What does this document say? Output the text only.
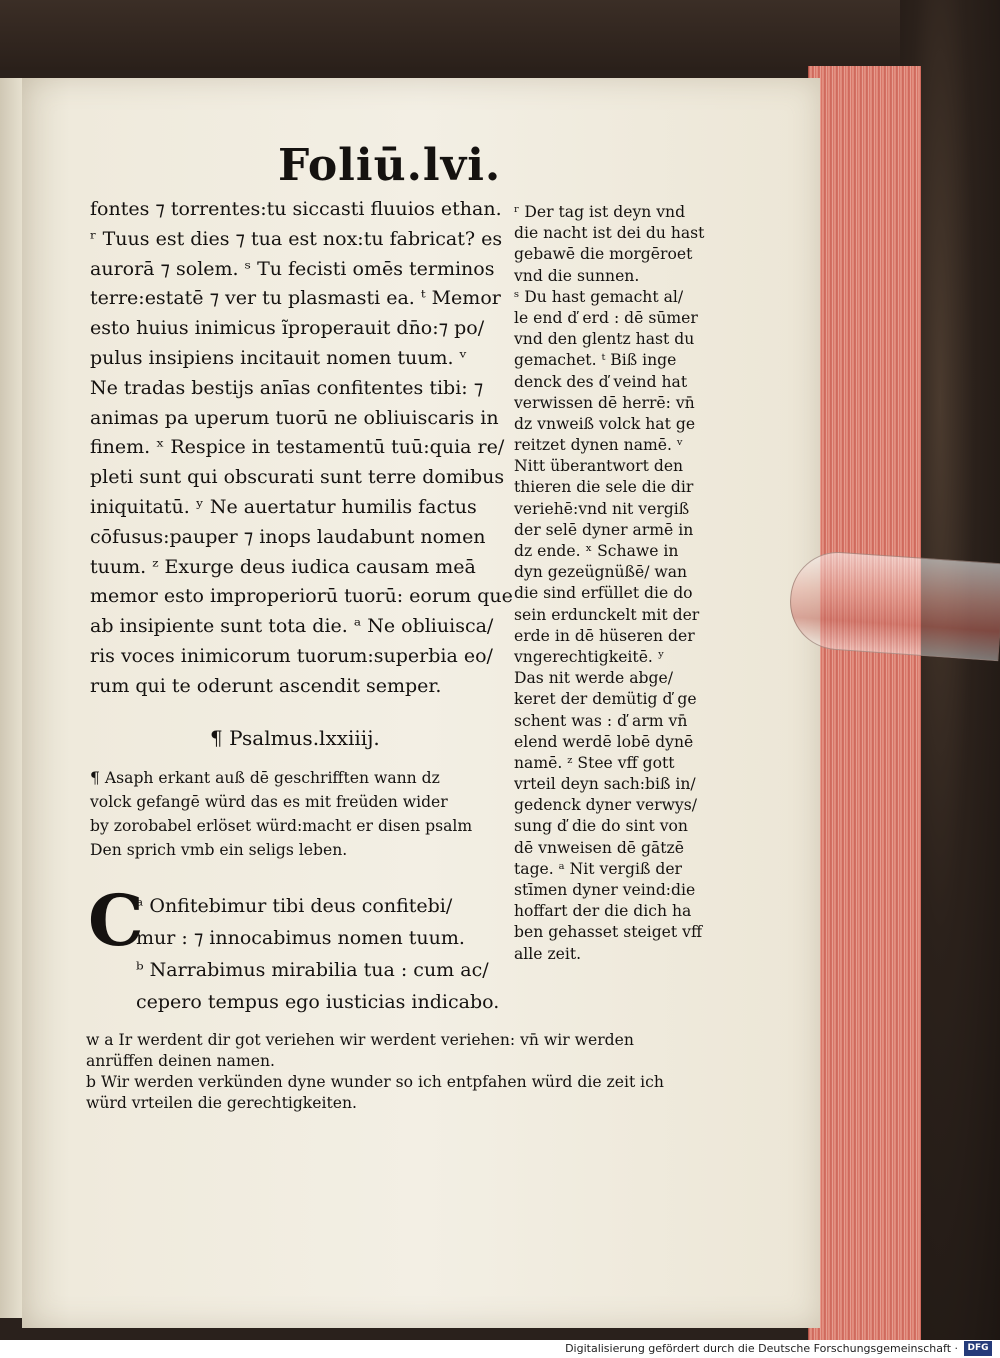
Foliū.lvi.
fontes ⁊ torrentes:tu siccasti fluuios ethan.
ʳ Tuus est dies ⁊ tua est nox:tu fabricat? es
aurorā ⁊ solem. ˢ Tu fecisti omēs terminos
terre:estatē ⁊ ver tu plasmasti ea. ᵗ Memor
esto huius inimicus ĩproperauit dn̄o:⁊ po/
pulus insipiens incitauit nomen tuum. ᵛ
Ne tradas bestijs anīas confitentes tibi: ⁊
animas pa uperum tuorū ne obliuiscaris in
finem. ˣ Respice in testamentū tuū:quia re/
pleti sunt qui obscurati sunt terre domibus
iniquitatū. ʸ Ne auertatur humilis factus
cōfusus:pauper ⁊ inops laudabunt nomen
tuum. ᶻ Exurge deus iudica causam meā
memor esto improperiorū tuorū: eorum que
ab insipiente sunt tota die. ᵃ Ne obliuisca/
ris voces inimicorum tuorum:superbia eo/
rum qui te oderunt ascendit semper.
ʳ Der tag ist deyn vnd
die nacht ist dei du hast
gebawē die morgēroet
vnd die sunnen.
ˢ Du hast gemacht al/
le end ď erd : dē sūmer
vnd den glentz hast du
gemachet. ᵗ Biß inge
denck des ď veind hat
verwissen dē herrē: vn̄
dz vnweiß volck hat ge
reitzet dynen namē. ᵛ
Nitt überantwort den
thieren die sele die dir
veriehē:vnd nit vergiß
der selē dyner armē in
dz ende. ˣ Schawe in
dyn gezeügnüßē/ wan
die sind erfüllet die do
sein erdunckelt mit der
erde in dē hüseren der
vngerechtigkeitē. ʸ
Das nit werde abge/
keret der demütig ď ge
schent was : ď arm vn̄
elend werdē lobē dynē
namē. ᶻ Stee vff gott
vrteil deyn sach:biß in/
gedenck dyner verwys/
sung ď die do sint von
dē vnweisen dē gātzē
tage. ᵃ Nit vergiß der
stīmen dyner veind:die
hoffart der die dich ha
ben gehasset steiget vff
alle zeit.
¶ Psalmus.lxxiiij.
¶ Asaph erkant auß dē geschrifften wann dz
volck gefangē würd das es mit freüden wider
by zorobabel erlöset würd:macht er disen psalm
Den sprich vmb ein seligs leben.
C
ᵃ Onfitebimur tibi deus confitebi/
mur : ⁊ innocabimus nomen tuum.
ᵇ Narrabimus mirabilia tua : cum ac/
cepero tempus ego iusticias indicabo.
w a Ir werdent dir got veriehen wir werdent veriehen: vn̄ wir werden
anrüffen deinen namen.
b Wir werden verkünden dyne wunder so ich entpfahen würd die zeit ich
würd vrteilen die gerechtigkeiten.
Digitalisierung gefördert durch die Deutsche Forschungsgemeinschaft ·	DFG
